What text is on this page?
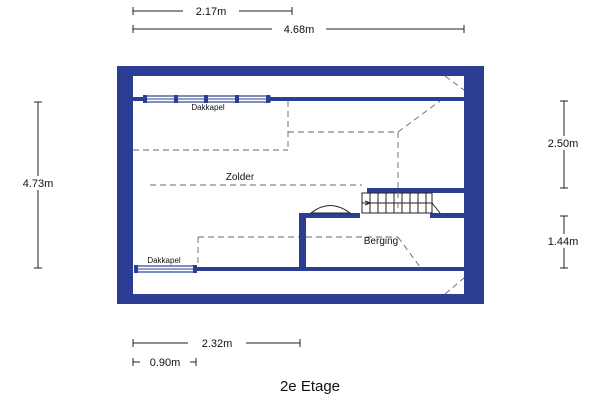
2.17m
4.68m
4.73m
2.50m
1.44m
2.32m
0.90m
Dakkapel
Zolder
Berging
Dakkapel
2e Etage
